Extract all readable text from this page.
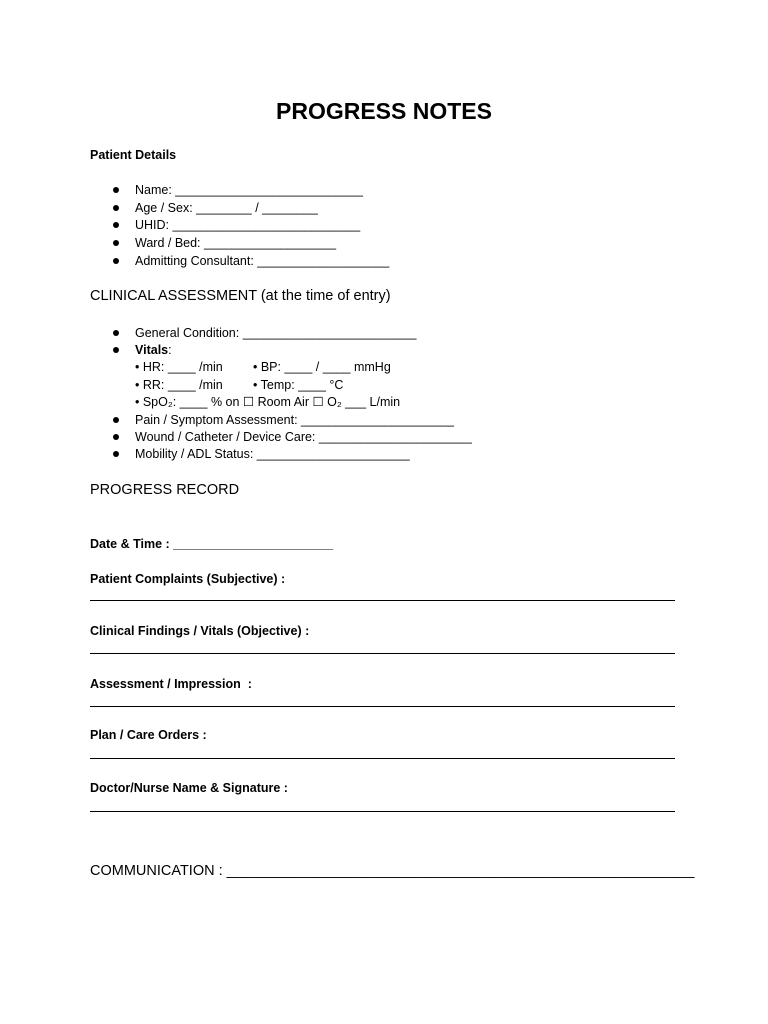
PROGRESS NOTES
Patient Details
Name: ___________________________
Age / Sex: ________ / ________
UHID: ___________________________
Ward / Bed: ___________________
Admitting Consultant: ___________________
CLINICAL ASSESSMENT (at the time of entry)
General Condition: _________________________
Vitals:
• HR: ____ /min • BP: ____ / ____ mmHg
• RR: ____ /min • Temp: ____ °C
• SpO₂: ____ % on ☐ Room Air ☐ O₂ ___ L/min
Pain / Symptom Assessment: ______________________
Wound / Catheter / Device Care: ______________________
Mobility / ADL Status: ______________________
PROGRESS RECORD
Date & Time : _______________________
Patient Complaints (Subjective) :
Clinical Findings / Vitals (Objective) :
Assessment / Impression  :
Plan / Care Orders :
Doctor/Nurse Name & Signature :
COMMUNICATION : __________________________________________________________
